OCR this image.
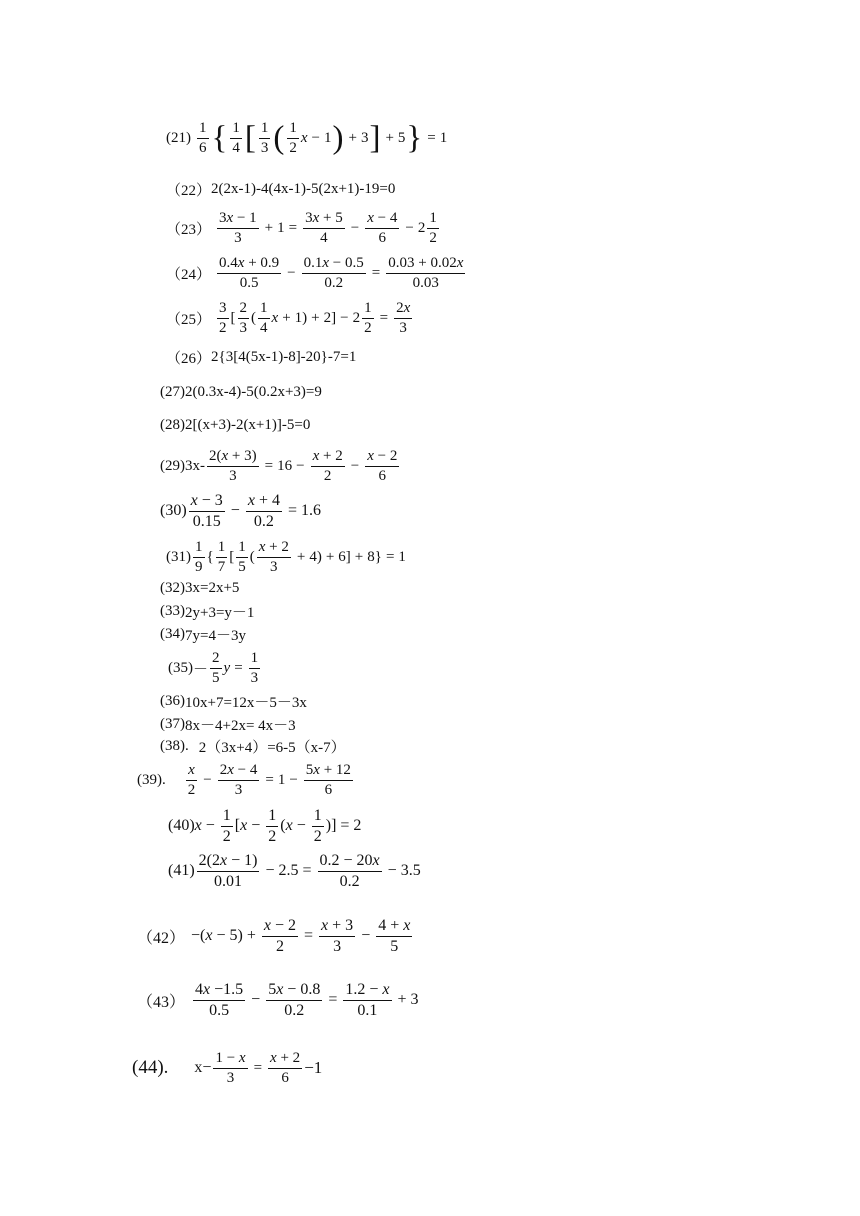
$(21) \frac{1}{6}$ { $\frac{1}{4}$ [ $\frac{1}{3}$ ( $\frac{1}{2}$ x − 1 ) + 3 ] + 5 } = 1
（22） 2(2x-1)-4(4x-1)-5(2x+1)-19=0
$(23) \frac{3x - 1}{3} + 1 = \frac{3x + 5}{4} - \frac{x - 4}{6} - 2 \frac{1}{2}$
$(24) \frac{0.4x + 0.9}{0.5} - \frac{0.1x - 0.5}{0.2} = \frac{0.03 + 0.02x}{0.03}$
$(25) \frac{3}{2}$ [ $\frac{2}{3}$ ( $\frac{1}{4}$ $x + 1) + 2] - 2 \frac{1}{2} = \frac{2x}{3}$
（26） 2{3[4(5x-1)-8]-20}-7=1
(27) 2(0.3x-4)-5(0.2x+3)=9
(28) 2[(x+3)-2(x+1)]-5=0
(29) $3x- \frac{2(x + 3)}{3} = 16 - \frac{x + 2}{2} - \frac{x - 2}{6}$
$(30) \frac{x - 3}{0.15} - \frac{x + 4}{0.2} = 1.6$
$(31) \frac{1}{9}$ { $\frac{1}{7}$ [ $\frac{1}{5}$ ( $\frac{x + 2}{3} + 4) + 6] + 8\} = 1$
(32) 3x=2x+5
(33) 2y+3=y－1
(34) 7y=4－3y
$(35) - \frac{2}{5}$ $y = \frac{1}{3}$
(36) 10x+7=12x－5－3x
(37) 8x－4+2x= 4x－3
(38). 2（3x+4）=6-5（x-7）
(39). $\frac{x}{2} - \frac{2x - 4}{3} = 1 - \frac{5x + 12}{6}$
(40) $x - \frac{1}{2}$ [ $x - \frac{1}{2}$ ( $x - \frac{1}{2}$ )] = 2
$(41) \frac{2(2x - 1)}{0.01} - 2.5 = \frac{0.2 - 20x}{0.2} - 3.5$
（42） −( $x - 5) + \frac{x - 2}{2} = \frac{x + 3}{3} - \frac{4 + x}{5}$
$(43) \frac{4x -1.5}{0.5} - \frac{5x - 0.8}{0.2} = \frac{1.2 - x}{0.1} + 3$
(44). $x- \frac{1 - x}{3} = \frac{x + 2}{6} -1$
